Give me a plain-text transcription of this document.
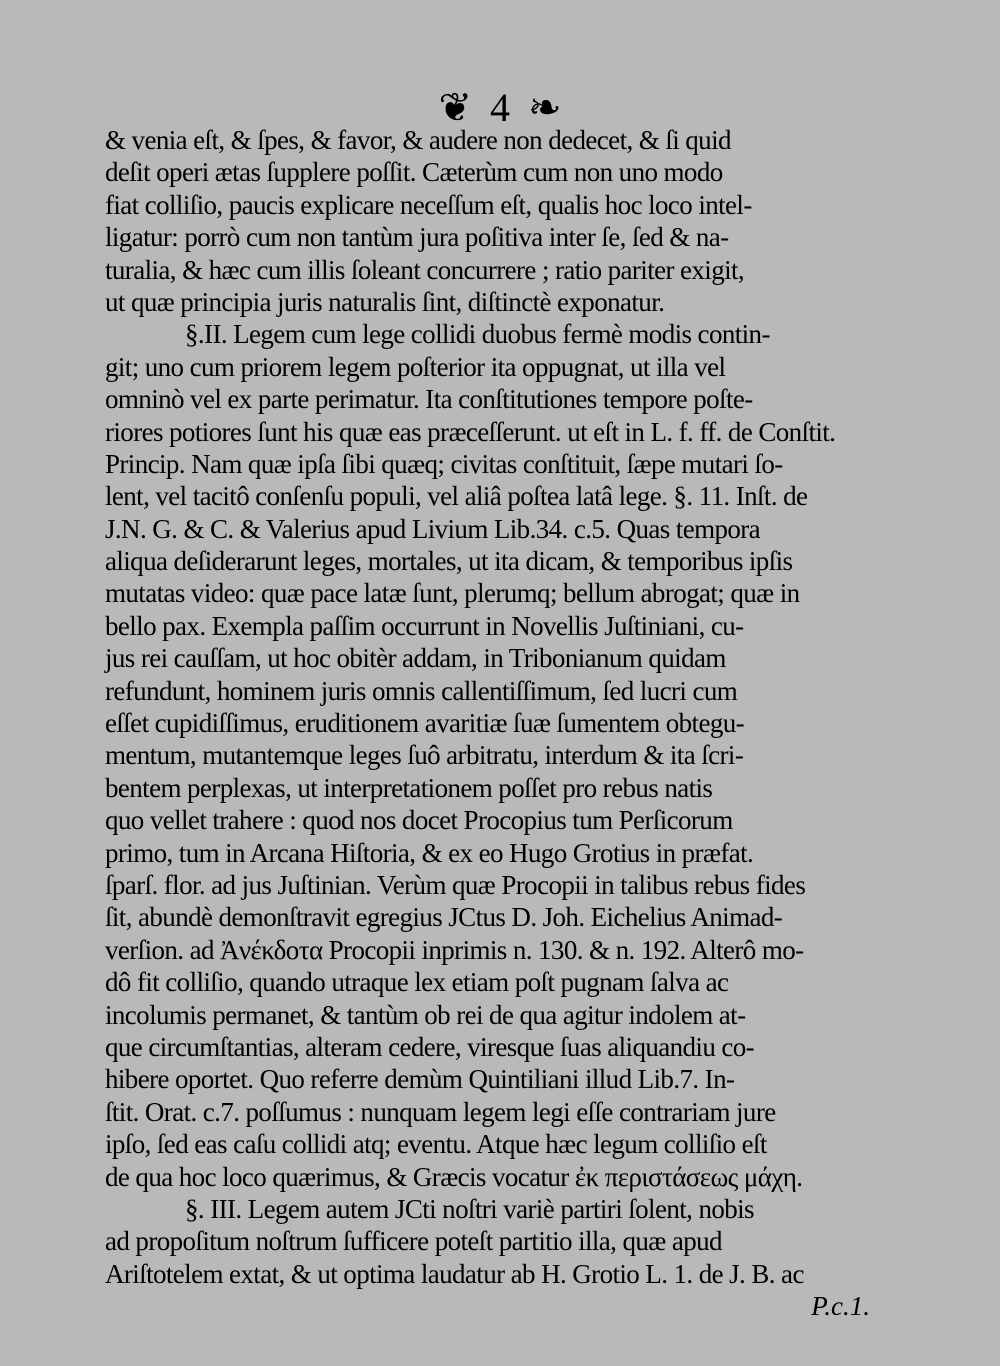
❦ 4 ❧
& venia eſt, & ſpes, & favor, & audere non dedecet, & ſi quid
deſit operi ætas ſupplere poſſit. Cæterùm cum non uno modo
fiat colliſio, paucis explicare neceſſum eſt, qualis hoc loco intel-
ligatur: porrò cum non tantùm jura poſitiva inter ſe, ſed & na-
turalia, & hæc cum illis ſoleant concurrere ; ratio pariter exigit,
ut quæ principia juris naturalis ſint, diſtinctè exponatur.
§.II. Legem cum lege collidi duobus fermè modis contin-
git; uno cum priorem legem poſterior ita oppugnat, ut illa vel
omninò vel ex parte perimatur. Ita conſtitutiones tempore poſte-
riores potiores ſunt his quæ eas præceſſerunt. ut eſt in L. f. ff. de Conſtit.
Princip. Nam quæ ipſa ſibi quæq; civitas conſtituit, ſæpe mutari ſo-
lent, vel tacitô conſenſu populi, vel aliâ poſtea latâ lege. §. 11. Inſt. de
J.N. G. & C. & Valerius apud Livium Lib.34. c.5. Quas tempora
aliqua deſiderarunt leges, mortales, ut ita dicam, & temporibus ipſis
mutatas video: quæ pace latæ ſunt, plerumq; bellum abrogat; quæ in
bello pax. Exempla paſſim occurrunt in Novellis Juſtiniani, cu-
jus rei cauſſam, ut hoc obitèr addam, in Tribonianum quidam
refundunt, hominem juris omnis callentiſſimum, ſed lucri cum
eſſet cupidiſſimus, eruditionem avaritiæ ſuæ ſumentem obtegu-
mentum, mutantemque leges ſuô arbitratu, interdum & ita ſcri-
bentem perplexas, ut interpretationem poſſet pro rebus natis
quo vellet trahere : quod nos docet Procopius tum Perſicorum
primo, tum in Arcana Hiſtoria, & ex eo Hugo Grotius in præfat.
ſparſ. flor. ad jus Juſtinian. Verùm quæ Procopii in talibus rebus fides
ſit, abundè demonſtravit egregius JCtus D. Joh. Eichelius Animad-
verſion. ad Ἀνέκδοτα Procopii inprimis n. 130. & n. 192. Alterô mo-
dô fit colliſio, quando utraque lex etiam poſt pugnam ſalva ac
incolumis permanet, & tantùm ob rei de qua agitur indolem at-
que circumſtantias, alteram cedere, viresque ſuas aliquandiu co-
hibere oportet. Quo referre demùm Quintiliani illud Lib.7. In-
ſtit. Orat. c.7. poſſumus : nunquam legem legi eſſe contrariam jure
ipſo, ſed eas caſu collidi atq; eventu. Atque hæc legum colliſio eſt
de qua hoc loco quærimus, & Græcis vocatur ἐκ περιστάσεως μάχη.
§. III. Legem autem JCti noſtri variè partiri ſolent, nobis
ad propoſitum noſtrum ſufficere poteſt partitio illa, quæ apud
Ariſtotelem extat, & ut optima laudatur ab H. Grotio L. 1. de J. B. ac
P.c.1.
